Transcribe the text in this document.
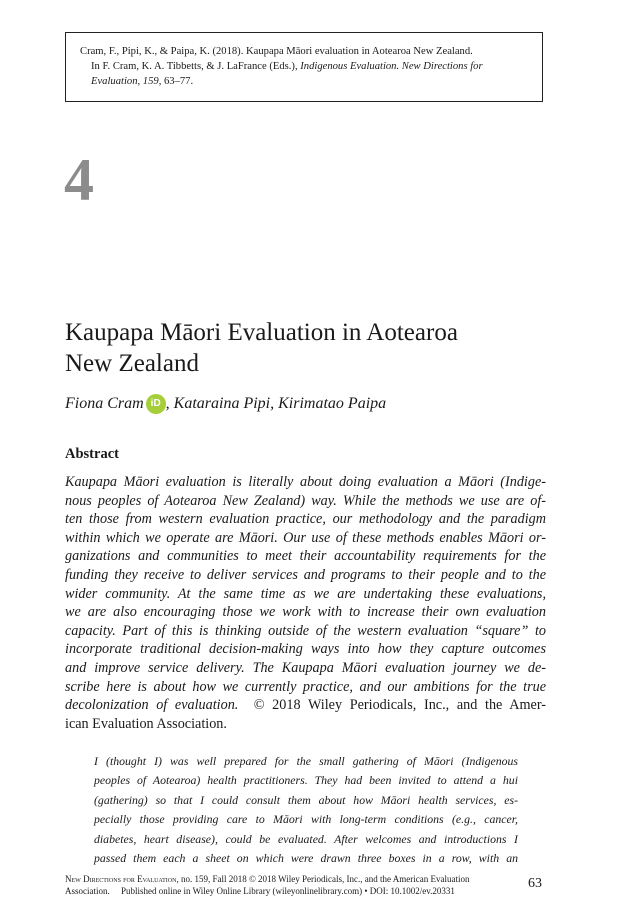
Cram, F., Pipi, K., & Paipa, K. (2018). Kaupapa Māori evaluation in Aotearoa New Zealand.
In F. Cram, K. A. Tibbetts, & J. LaFrance (Eds.), Indigenous Evaluation. New Directions for
Evaluation, 159, 63–77.
4
Kaupapa Māori Evaluation in Aotearoa
New Zealand
Fiona Cram iD , Kataraina Pipi, Kirimatao Paipa
Abstract
Kaupapa Māori evaluation is literally about doing evaluation a Māori (Indige-
nous peoples of Aotearoa New Zealand) way. While the methods we use are of-
ten those from western evaluation practice, our methodology and the paradigm
within which we operate are Māori. Our use of these methods enables Māori or-
ganizations and communities to meet their accountability requirements for the
funding they receive to deliver services and programs to their people and to the
wider community. At the same time as we are undertaking these evaluations,
we are also encouraging those we work with to increase their own evaluation
capacity. Part of this is thinking outside of the western evaluation “square” to
incorporate traditional decision-making ways into how they capture outcomes
and improve service delivery. The Kaupapa Māori evaluation journey we de-
scribe here is about how we currently practice, and our ambitions for the true
decolonization of evaluation.  © 2018 Wiley Periodicals, Inc., and the Amer-
ican Evaluation Association.
I (thought I) was well prepared for the small gathering of Māori (Indigenous
peoples of Aotearoa) health practitioners. They had been invited to attend a hui
(gathering) so that I could consult them about how Māori health services, es-
pecially those providing care to Māori with long-term conditions (e.g., cancer,
diabetes, heart disease), could be evaluated. After welcomes and introductions I
passed them each a sheet on which were drawn three boxes in a row, with an
New Directions for Evaluation, no. 159, Fall 2018 © 2018 Wiley Periodicals, Inc., and the American Evaluation
Association.     Published online in Wiley Online Library (wileyonlinelibrary.com) • DOI: 10.1002/ev.20331	63
